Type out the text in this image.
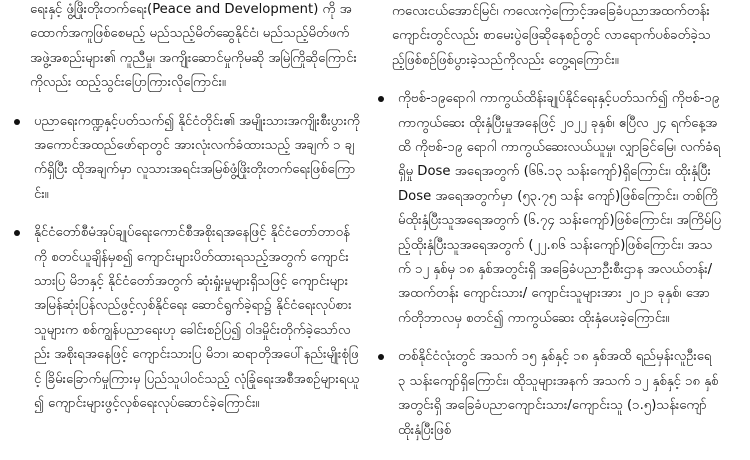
ရေးနှင့် ဖွံ့ဖြိုးတိုးတက်ရေး(Peace and Development) ကို အထောက်အကူဖြစ်စေမည့် မည်သည့်မိတ်ဆွေနိုင်ငံ၊ မည်သည့်မိတ်ဖက်အဖွဲ့အစည်းများ၏ ကူညီမှု၊ အကျိုးဆောင်မှုကိုမဆို အမြဲကြိုဆိုကြောင်းကိုလည်း ထည့်သွင်းပြောကြားလိုကြောင်း။

ပညာရေးကဏ္ဍနှင့်ပတ်သက်၍ နိုင်ငံတိုင်း၏ အမျိုးသားအကျိုးစီးပွားကို အကောင်အထည်ဖော်ရာတွင် အားလုံးလက်ခံထားသည့် အချက် ၁ ချက်ရှိပြီး ထိုအချက်မှာ လူသားအရင်းအမြစ်ဖွံ့ဖြိုးတိုးတက်ရေးဖြစ်ကြောင်း။

နိုင်ငံတော်စီမံအုပ်ချုပ်ရေးကောင်စီအစိုးရအနေဖြင့် နိုင်ငံတော်တာဝန်ကို စတင်ယူချိန်မှစ၍ ကျောင်းများပိတ်ထားရသည့်အတွက် ကျောင်းသားပြ မိဘနှင့် နိုင်ငံတော်အတွက် ဆုံးရှုံးမှုများရှိသဖြင့် ကျောင်းများ အမြန်ဆုံးပြန်လည်ဖွင့်လှစ်နိုင်ရေး ဆောင်ရွက်ခဲ့ရာ၌ နိုင်ငံရေးလုပ်စားသူများက စစ်ကျွန်ပညာရေးဟု ခေါင်းစဉ်ပြ၍ ဝါဒမှိုင်းတိုက်ခဲ့သော်လည်း အစိုးရအနေဖြင့် ကျောင်းသားပြ မိဘ၊ ဆရာတိုအပေါ်နည်းမျိုးစုံဖြင့် ခြိမ်းခြောက်မှုကြားမှ ပြည်သူပါဝင်သည့် လုံခြုံရေးအစီအစဉ်များရယူ၍ ကျောင်းများဖွင့်လှစ်ရေးလုပ်ဆောင်ခဲ့ကြောင်း။

ကလေးငယ်အောင်မြင်၊ ကလေးကဲ့ကြောင့်အခြေခံပညာအထက်တန်းကျောင်းတွင်လည်း စာမေးပွဲဖြေဆိုနေစဉ်တွင် လာရောက်ပစ်ခတ်ခဲ့သည့်ဖြစ်စဉ်ဖြစ်ပွားခဲ့သည်ကိုလည်း တွေ့ရကြောင်း။

ကိုဗစ်-၁၉ရောဂါ ကာကွယ်ထိန်းချုပ်နိုင်ရေးနှင့်ပတ်သက်၍ ကိုဗစ်-၁၉ ကာကွယ်ဆေး ထိုးနှံပြီးမှုအနေဖြင့် ၂၀၂၂ ခုနှစ်၊ ဧပြီလ ၂၄ ရက်နေ့အထိ ကိုဗစ်-၁၉ ရောဂါ ကာကွယ်ဆေးလယ်ယူမှု၊ လျှာခြင်မြေ၊ လက်ခံရရှိမှု Dose အရေအတွက် (၆၆.၁၃ သန်းကျော်)ရှိကြောင်း၊ ထိုးနှံပြီး Dose အရေအတွက်မှာ (၅၃.၇၅ သန်း ကျော်)ဖြစ်ကြောင်း၊ တစ်ကြိမ်ထိုးနှံပြီးသူအရေအတွက် (၆.၇၄ သန်းကျော်)ဖြစ်ကြောင်း၊ အကြိမ်ပြည့်ထိုးနှံပြီးသူအရေအတွက် (၂၂.၈၆ သန်းကျော်)ဖြစ်ကြောင်း၊ အသက် ၁၂ နှစ်မှ ၁၈ နှစ်အတွင်းရှိ အခြေခံပညာဦးစီးဌာန အလယ်တန်း/ အထက်တန်း ကျောင်းသား/ ကျောင်းသူများအား ၂၀၂၁ ခုနှစ်၊ အောက်တိုဘာလမှ စတင်၍ ကာကွယ်ဆေး ထိုးနှံပေးခဲ့ကြောင်း။

တစ်နိုင်ငံလုံးတွင် အသက် ၁၅ နှစ်နှင့် ၁၈ နှစ်အထိ ရည်မှန်းလူဦးရေ ၃ သန်းကျော်ရှိကြောင်း၊ ထိုသူများအနက် အသက် ၁၂ နှစ်နှင့် ၁၈ နှစ်အတွင်းရှိ အခြေခံပညာကျောင်းသား/ကျောင်းသူ (၁.၅)သန်းကျော် ထိုးနှံပြီးဖြစ်
